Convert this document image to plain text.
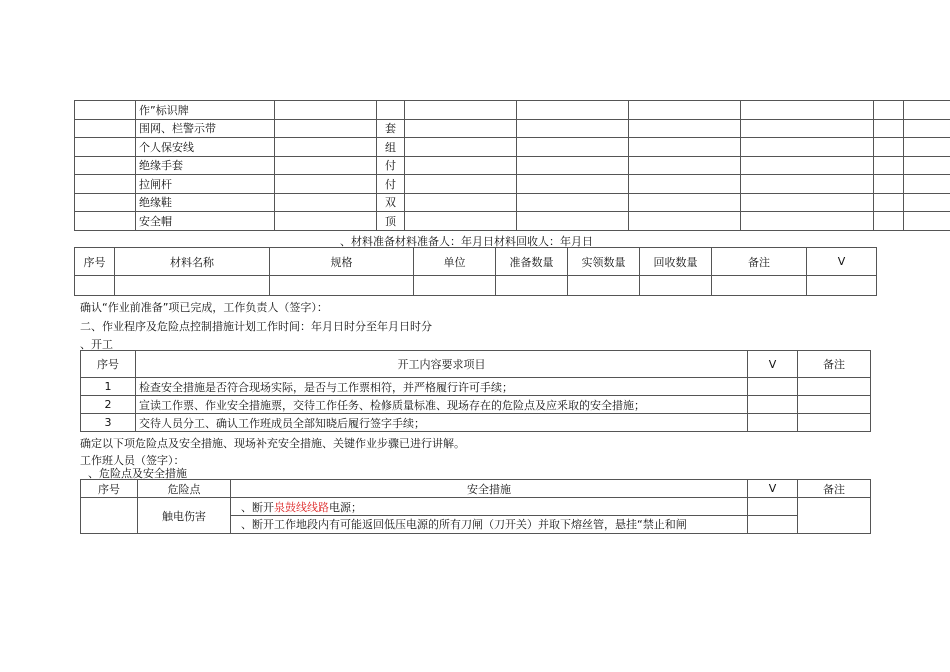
	作”标识牌								
	围网、栏警示带		套						
	个人保安线		组						
	绝缘手套		付						
	拉闸杆		付						
	绝缘鞋		双						
	安全帽		顶						
、材料准备材料准备人：年月日材料回收人：年月日
序号	材料名称	规格	单位	准备数量	实领数量	回收数量	备注	V

确认“作业前准备”项已完成，工作负责人（签字）：
二、作业程序及危险点控制措施计划工作时间：年月日时分至年月日时分
、开工
序号	开工内容要求项目	V	备注
1	检查安全措施是否符合现场实际，是否与工作票相符，并严格履行许可手续；		
2	宣读工作票、作业安全措施票，交待工作任务、检修质量标准、现场存在的危险点及应釆取的安全措施；		
3	交待人员分工、确认工作班成员全部知晓后履行签字手续；		
确定以下项危险点及安全措施、现场补充安全措施、关键作业步骤已进行讲解。
工作班人员（签字）：
、危险点及安全措施
序号	危险点	安全措施	V	备注
	触电伤害	、断开泉鼓线线路电源；		
		、断开工作地段内有可能返回低压电源的所有刀闸（刀开关）并取下熔丝管，悬挂“禁止和闸		
